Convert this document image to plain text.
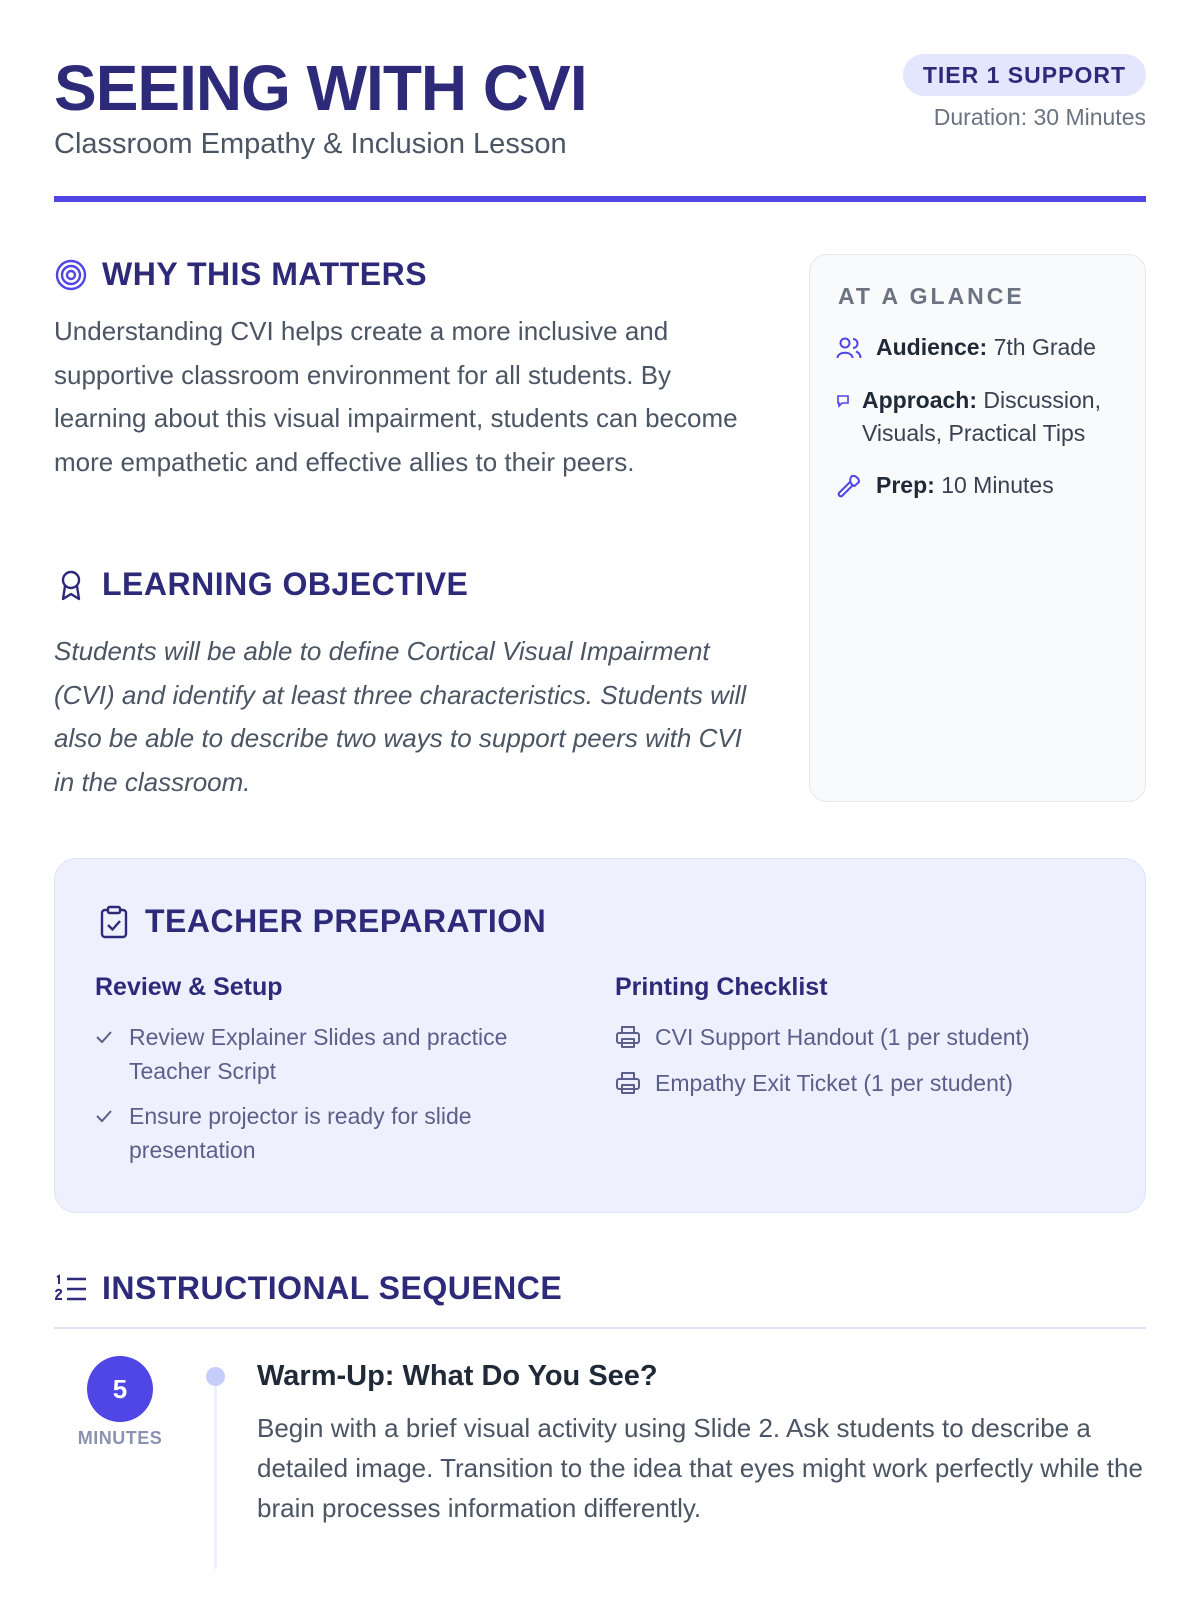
SEEING WITH CVI
Classroom Empathy & Inclusion Lesson
TIER 1 SUPPORT
Duration: 30 Minutes
WHY THIS MATTERS
Understanding CVI helps create a more inclusive and supportive classroom environment for all students. By learning about this visual impairment, students can become more empathetic and effective allies to their peers.
LEARNING OBJECTIVE
Students will be able to define Cortical Visual Impairment (CVI) and identify at least three characteristics. Students will also be able to describe two ways to support peers with CVI in the classroom.
AT A GLANCE
Audience: 7th Grade
Approach: Discussion, Visuals, Practical Tips
Prep: 10 Minutes
TEACHER PREPARATION
Review & Setup
Review Explainer Slides and practice Teacher Script
Ensure projector is ready for slide presentation
Printing Checklist
CVI Support Handout (1 per student)
Empathy Exit Ticket (1 per student)
INSTRUCTIONAL SEQUENCE
5
MINUTES
Warm-Up: What Do You See?
Begin with a brief visual activity using Slide 2. Ask students to describe a detailed image. Transition to the idea that eyes might work perfectly while the brain processes information differently.
